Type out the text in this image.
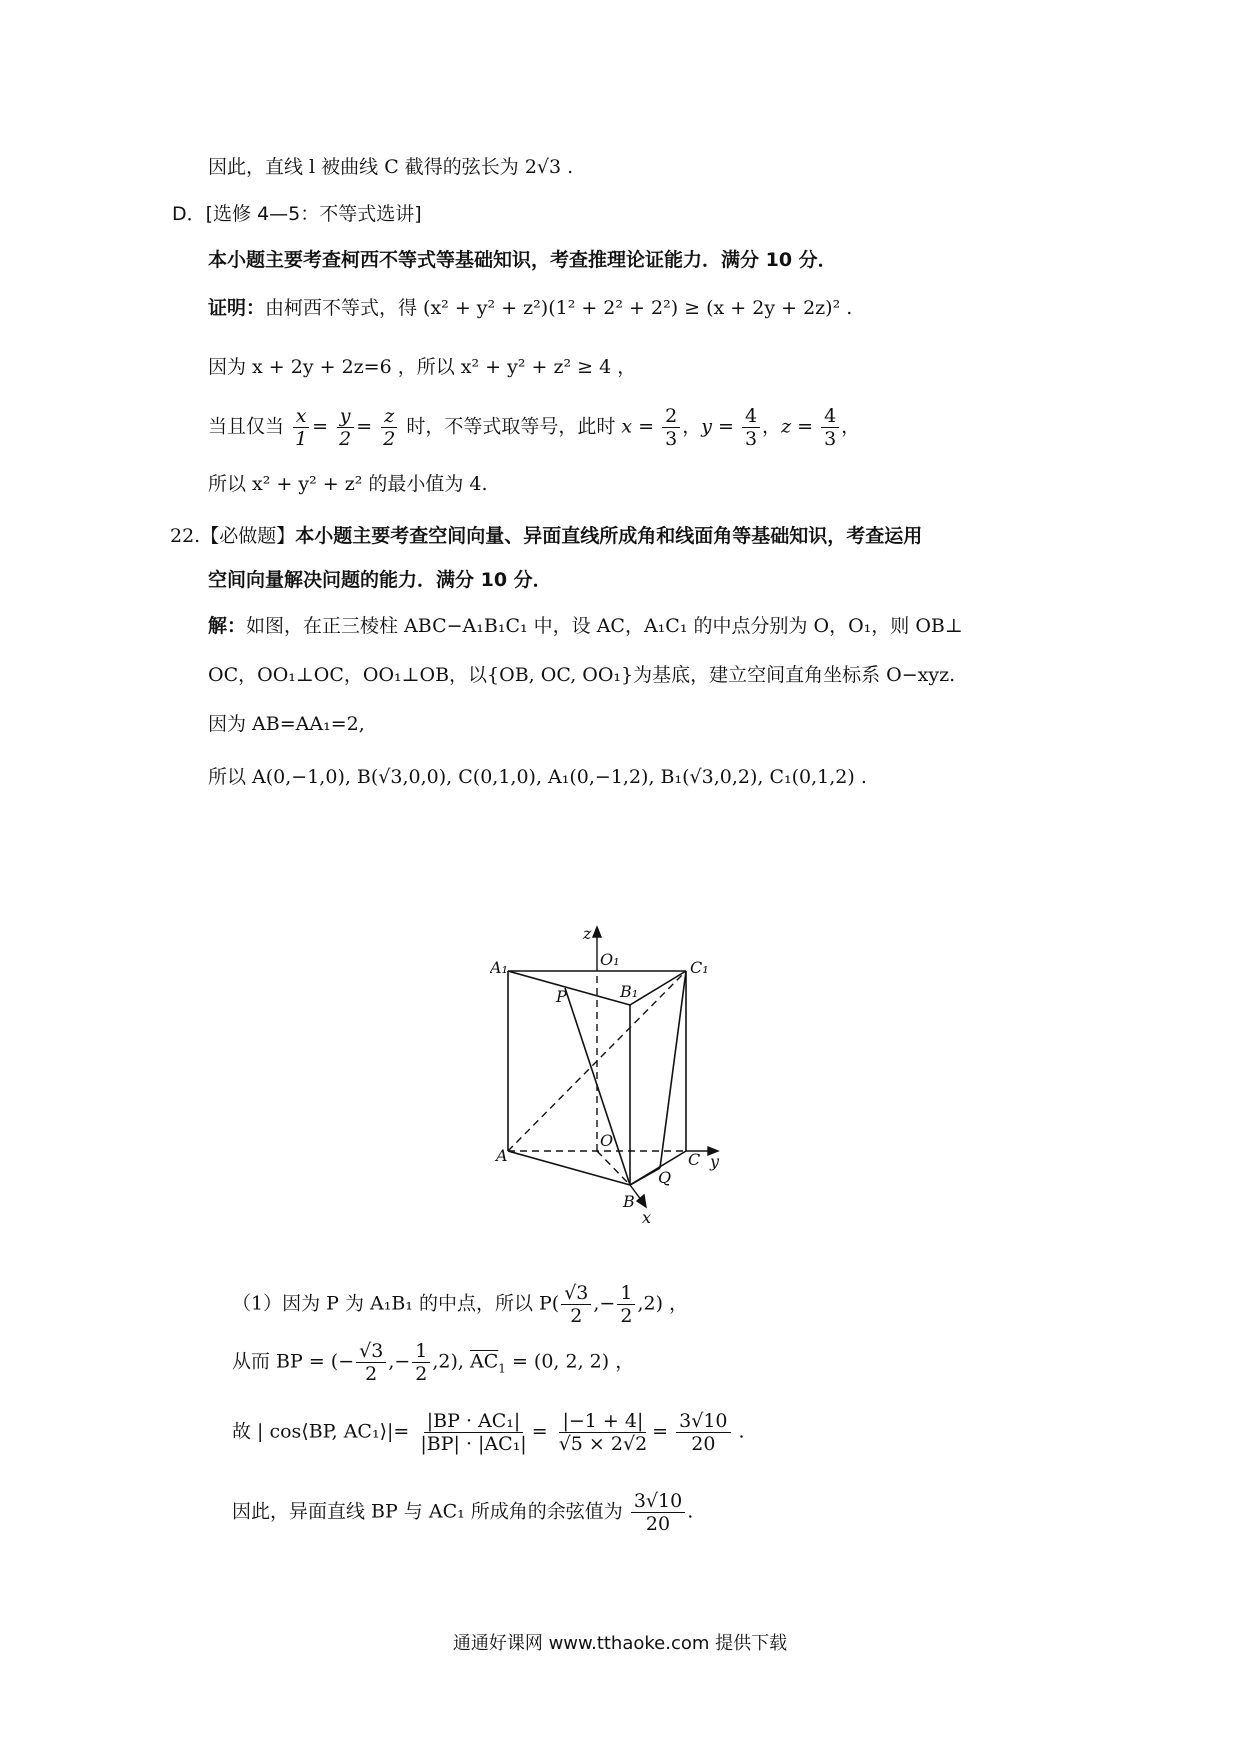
因此，直线 l 被曲线 C 截得的弦长为 2√3 .
D．[选修 4—5：不等式选讲]
本小题主要考查柯西不等式等基础知识，考查推理论证能力．满分 10 分．
证明：由柯西不等式，得 (x² + y² + z²)(1² + 2² + 2²) ≥ (x + 2y + 2z)² .
因为 x + 2y + 2z=6 ，所以 x² + y² + z² ≥ 4 ，
当且仅当 $\frac{x}{1} = \frac{y}{2} = \frac{z}{2}$ 时，不等式取等号，此时 $x = \frac{2}{3}$ ，$y = \frac{4}{3}$ ，$z = \frac{4}{3}$ ，
所以 x² + y² + z² 的最小值为 4.
22.【必做题】本小题主要考查空间向量、异面直线所成角和线面角等基础知识，考查运用
空间向量解决问题的能力．满分 10 分．
解：如图，在正三棱柱 ABC−A₁B₁C₁ 中，设 AC，A₁C₁ 的中点分别为 O，O₁，则 OB⊥
OC，OO₁⊥OC，OO₁⊥OB，以{OB, OC, OO₁}为基底，建立空间直角坐标系 O−xyz.
因为 AB=AA₁=2,
所以 A(0,−1,0), B(√3,0,0), C(0,1,0), A₁(0,−1,2), B₁(√3,0,2), C₁(0,1,2) .
z
O₁
A₁	C₁
P	B₁
O
A	C y
Q
B
x
（1）因为 P 为 A₁B₁ 的中点，所以 $P( \frac{√3}{2}$ ,− $\frac{1}{2} ,2$) ，
从而 BP = (− $\frac{√3}{2}$ ,− $\frac{1}{2} ,2$), $\overline{AC}_1 = (0$, 2, 2) ，
故 | cos⟨BP, AC₁⟩|= $\frac{\text{|BP · AC₁|}}{\text{|BP| · |AC₁|}} = \frac{|-1 + 4|}{√5 \times 2√2} = \frac{3√10}{20}$ .
因此，异面直线 BP 与 AC₁ 所成角的余弦值为 $\frac{3√10}{20}$ .
通通好课网 www.tthaoke.com 提供下载
